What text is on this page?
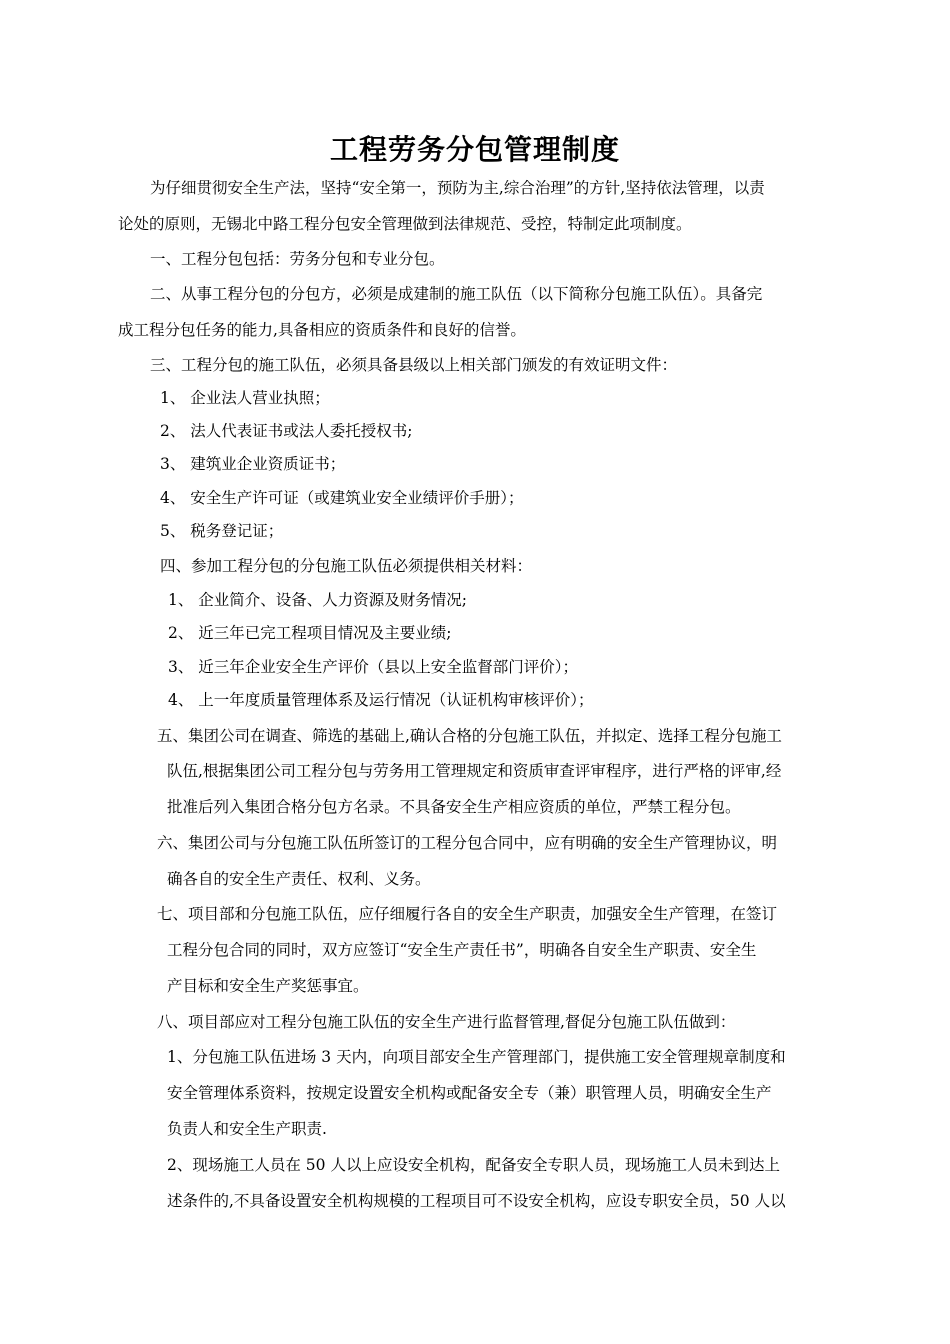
工程劳务分包管理制度
为仔细贯彻安全生产法，坚持“安全第一，预防为主,综合治理”的方针,坚持依法管理，以责
论处的原则，无锡北中路工程分包安全管理做到法律规范、受控，特制定此项制度。
一、工程分包包括：劳务分包和专业分包。
二、从事工程分包的分包方，必须是成建制的施工队伍（以下简称分包施工队伍）。具备完
成工程分包任务的能力,具备相应的资质条件和良好的信誉。
三、工程分包的施工队伍，必须具备县级以上相关部门颁发的有效证明文件：
1、 企业法人营业执照；
2、 法人代表证书或法人委托授权书;
3、 建筑业企业资质证书；
4、 安全生产许可证（或建筑业安全业绩评价手册）；
5、 税务登记证；
四、参加工程分包的分包施工队伍必须提供相关材料：
1、 企业简介、设备、人力资源及财务情况;
2、 近三年已完工程项目情况及主要业绩;
3、 近三年企业安全生产评价（县以上安全监督部门评价）；
4、 上一年度质量管理体系及运行情况（认证机构审核评价）；
五、集团公司在调查、筛选的基础上,确认合格的分包施工队伍，并拟定、选择工程分包施工
队伍,根据集团公司工程分包与劳务用工管理规定和资质审查评审程序，进行严格的评审,经
批准后列入集团合格分包方名录。不具备安全生产相应资质的单位，严禁工程分包。
六、集团公司与分包施工队伍所签订的工程分包合同中，应有明确的安全生产管理协议，明
确各自的安全生产责任、权利、义务。
七、项目部和分包施工队伍，应仔细履行各自的安全生产职责，加强安全生产管理，在签订
工程分包合同的同时，双方应签订“安全生产责任书”，明确各自安全生产职责、安全生
产目标和安全生产奖惩事宜。
八、项目部应对工程分包施工队伍的安全生产进行监督管理,督促分包施工队伍做到：
1、分包施工队伍进场 3 天内，向项目部安全生产管理部门，提供施工安全管理规章制度和
安全管理体系资料，按规定设置安全机构或配备安全专（兼）职管理人员，明确安全生产
负责人和安全生产职责.
2、现场施工人员在 50 人以上应设安全机构，配备安全专职人员，现场施工人员未到达上
述条件的,不具备设置安全机构规模的工程项目可不设安全机构，应设专职安全员，50 人以
